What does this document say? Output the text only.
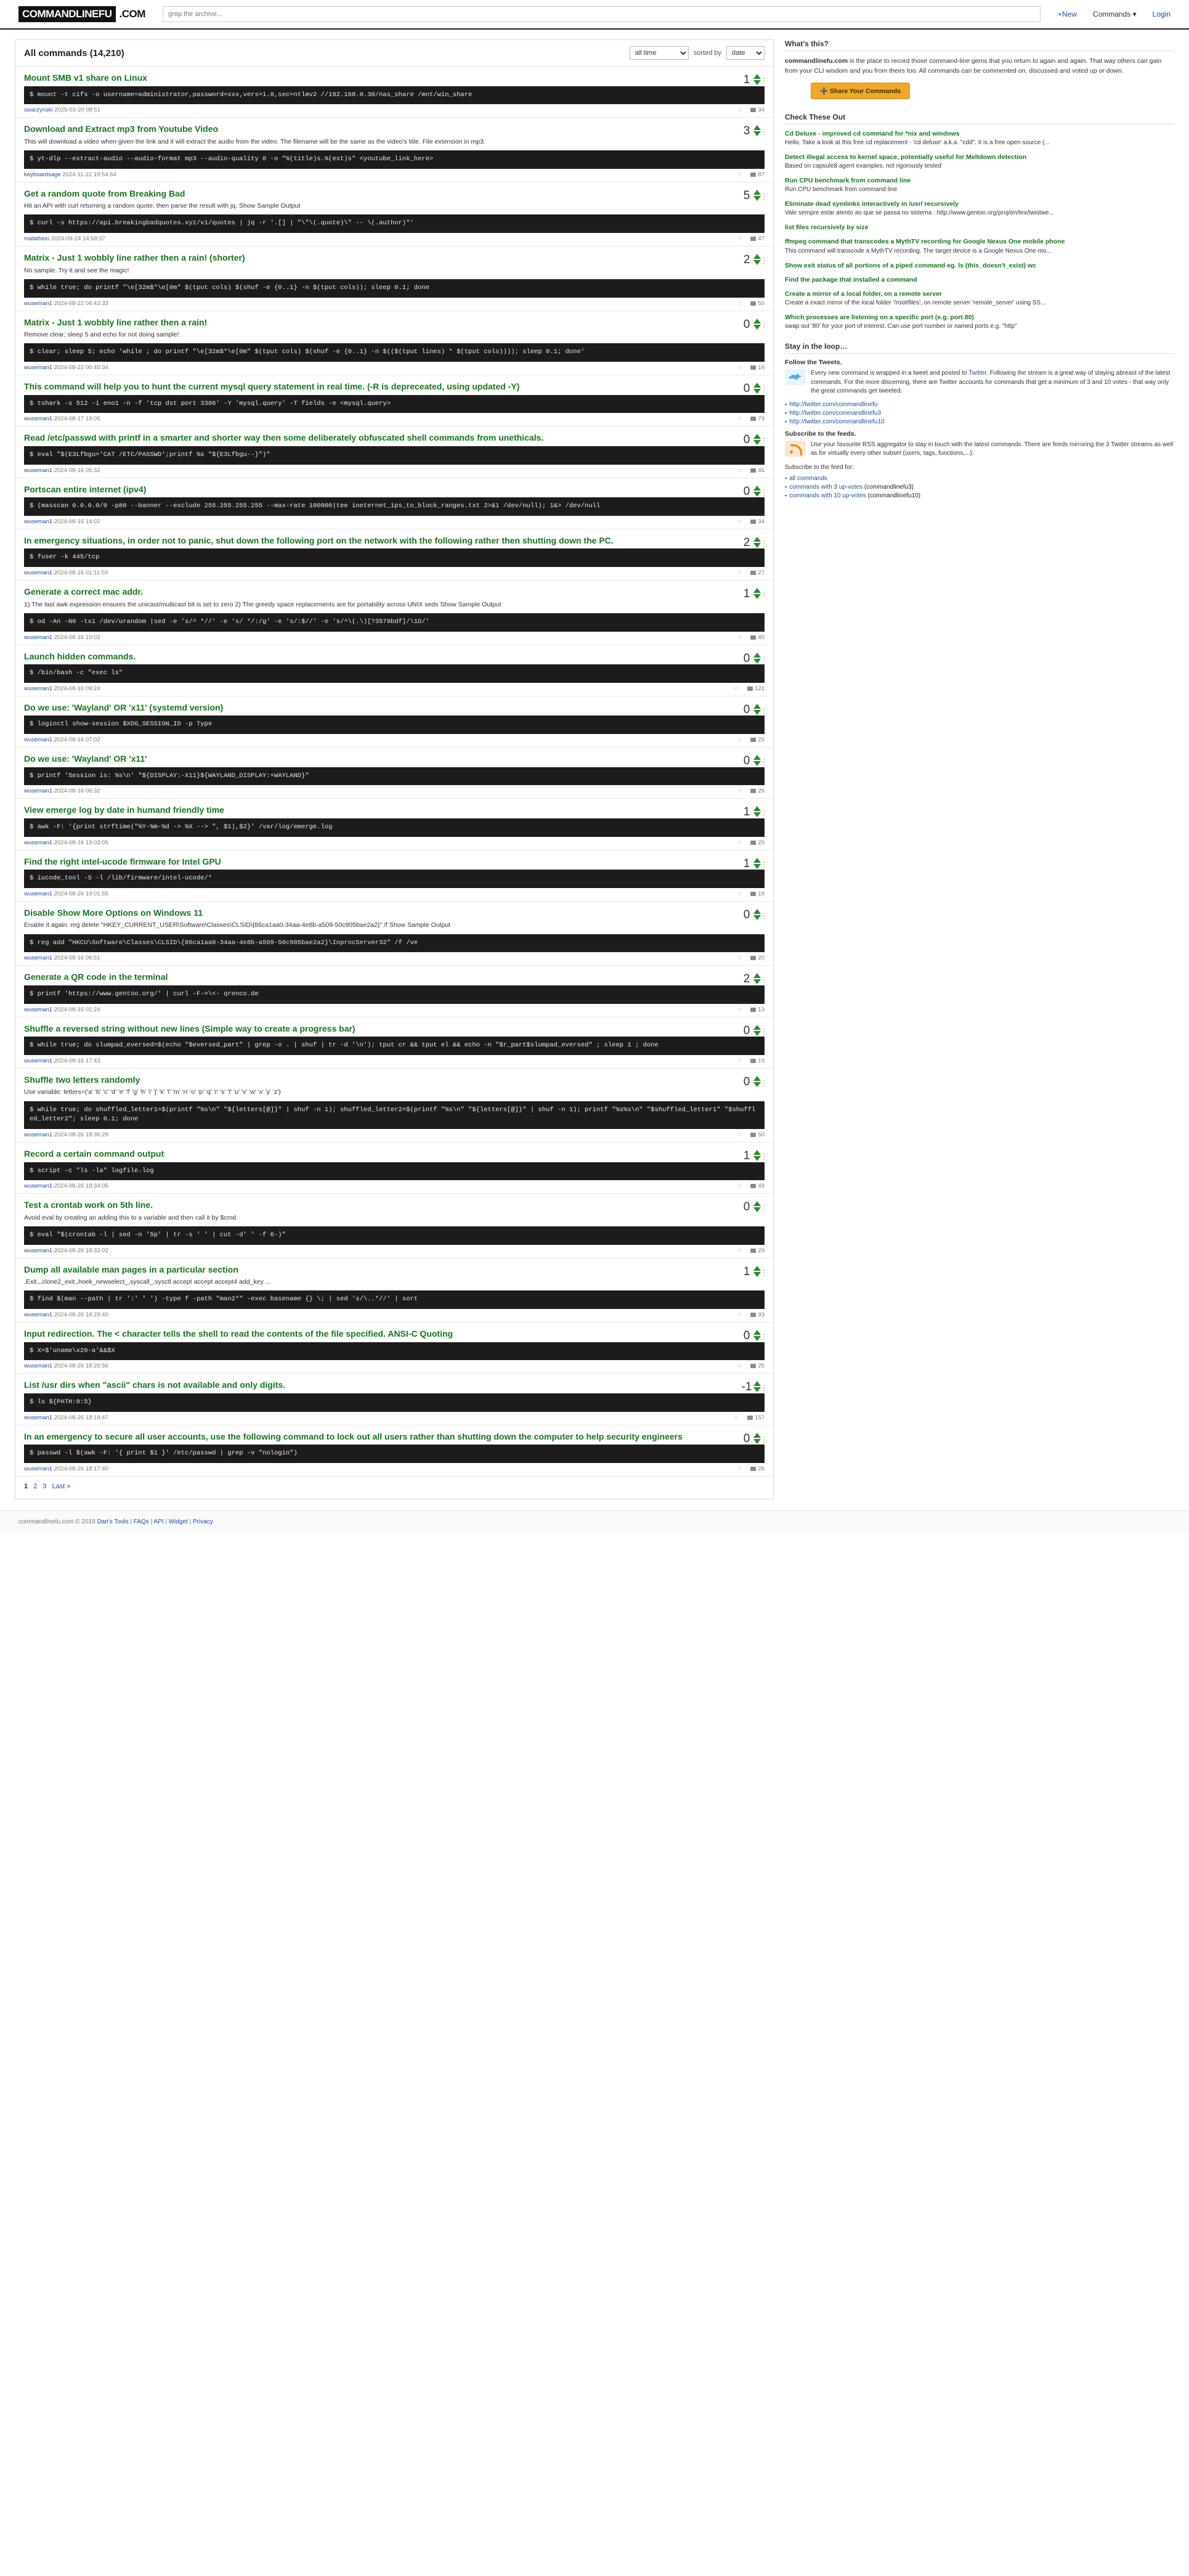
COMMANDLINEFU .COM
grep the archive...	+New Commands ▾ Login
All commands (14,210)
all time	sorted by
date
Mount SMB v1 share on Linux	1	⋮
$ mount -t cifs -o username=administrator,password=xxx,vers=1.0,sec=ntlmv2 //192.168.0.30/nas_share /mnt/win_share
swarzynski 2025-03-20 08:51	☆	34
Download and Extract mp3 from Youtube Video
This will download a video when given the link and it will extract the audio from the video. The filename will be the same as the video's title. File extension in mp3.
3	⋮
$ yt-dlp --extract-audio --audio-format mp3 --audio-quality 0 -o "%(title)s.%(ext)s" <youtube_link_here>
keyboardsage 2024-11-22 19:54:54	☆	87
Get a random quote from Breaking Bad
Hit an API with curl returning a random quote, then parse the result with jq. Show Sample Output
5	⋮
$ curl -s https://api.breakingbadquotes.xyz/v1/quotes | jq -r '.[] | "\"\(.quote)\" -- \(.author)"'
malathion 2024-09-24 14:58:37	☆	47
Matrix - Just 1 wobbly line rather then a rain! (shorter)
No sample. Try it and see the magic!
2	⋮
$ while true; do printf "\e[32m$*\e[0m" $(tput cols) $(shuf -e {0..1} -n $(tput cols)); sleep 0.1; done
wuseman1 2024-08-22 04:43:33	☆	50
Matrix - Just 1 wobbly line rather then a rain!
Remove clear; sleep 5 and echo for not doing sample!
0	⋮
$ clear; sleep 5; echo 'while ; do printf "\e[32m$*\e[0m" $(tput cols) $(shuf -e {0..1} -n $(($(tput lines) * $(tput cols)))); sleep 0.1; done'
wuseman1 2024-08-22 00:40:34	☆	16
This command will help you to hunt the current mysql query statement in real time. (-R is depreceated, using updated -Y)	0	⋮
$ tshark -s 512 -i eno1 -n -f 'tcp dst port 3306' -Y 'mysql.query' -T fields -e <mysql.query>
wuseman1 2024-08-17 19:05	☆	79
Read /etc/passwd with printf in a smarter and shorter way then some deliberately obfuscated shell commands from unethicals.	0	⋮
$ eval "$(E3Lfbgu='CAT /ETC/PASSWD';printf %s "${E3Lfbgu--}")"
wuseman1 2024-08-16 05:32	☆	46
Portscan entire internet (ipv4)	0	⋮
$ (masscan 0.0.0.0/0 -p80 --banner --exclude 255.255.255.255 --max-rate 100000|tee ineternet_ips_to_block_ranges.txt 2>&1 /dev/null); 1&> /dev/null
wuseman1 2024-08-16 14:02	☆	34
In emergency situations, in order not to panic, shut down the following port on the network with the following rather then shutting down the PC.	2	⋮
$ fuser -k 445/tcp
wuseman1 2024-08-16 01:11:03	☆	27
Generate a correct mac addr.
1) The last awk expression ensures the unicast/multicast bit is set to zero 2) The greedy space replacements are for portability across UNIX seds Show Sample Output
1	⋮
$ od -An -N6 -tx1 /dev/urandom |sed -e 's/^ *//' -e 's/ */:/g' -e 's/:$//' -e 's/^\(.\)[?3579bdf]/\1D/'
wuseman1 2024-08-16 10:02	☆	40
Launch hidden commands.	0	⋮
$ /bin/bash -c "exec ls"
wuseman1 2024-08-16 09:24	☆	121
Do we use: 'Wayland' OR 'x11' (systemd version)	0	⋮
$ loginctl show-session $XDG_SESSION_ID -p Type
wuseman1 2024-08-16 07:02	☆	25
Do we use: 'Wayland' OR 'x11'	0	⋮
$ printf 'Session is: %s\n' "${DISPLAY:-X11}${WAYLAND_DISPLAY:+WAYLAND}"
wuseman1 2024-08-16 06:32	☆	26
View emerge log by date in humand friendly time	1	⋮
$ awk -F: '{print strftime("%Y-%m-%d -> %X --> ", $1),$2}' /var/log/emerge.log
wuseman1 2024-08-16 19:03:05	☆	25
Find the right intel-ucode firmware for Intel GPU	1	⋮
$ iucode_tool -S -l /lib/firmware/intel-ucode/*
wuseman1 2024-08-26 19:01:55	☆	19
Disable Show More Options on Windows 11
Enable it again: reg delete "HKEY_CURRENT_USER\Software\Classes\CLSID\{86ca1aa0-34aa-4e8b-a509-50c905bae2a2}" /f Show Sample Output
0	⋮
$ reg add "HKCU\Software\Classes\CLSID\{86ca1aa0-34aa-4e8b-a509-50c905bae2a2}\InprocServer32" /f /ve
wuseman1 2024-08-16 06:51	☆	20
Generate a QR code in the terminal	2	⋮
$ printf 'https://www.gentoo.org/' | curl -F-=\<- qrenco.de
wuseman1 2024-08-16 01:24	☆	13
Shuffle a reversed string without new lines (Simple way to create a progress bar)	0	⋮
$ while true; do slumpad_eversed=$(echo "$eversed_part" | grep -o . | shuf | tr -d '\n'); tput cr && tput el && echo -n "$r_part$slumpad_eversed" ; sleep 1 ; done
wuseman1 2024-08-16 17:43	☆	19
Shuffle two letters randomly
Use variable: letters=('a' 'b' 'c' 'd' 'e' 'f' 'g' 'h' 'i' 'j' 'k' 'l' 'm' 'n' 'o' 'p' 'q' 'r' 's' 't' 'u' 'v' 'w' 'x' 'y' 'z')
0	⋮
$ while true; do shuffled_letter1=$(printf "%s\n" "${letters[@]}" | shuf -n 1); shuffled_letter2=$(printf "%s\n" "${letters[@]}" | shuf -n 1); printf "%s%s\n" "$shuffled_letter1" "$shuffled_letter2"; sleep 0.1; done
wuseman1 2024-08-26 18:36:29	☆	50
Record a certain command output	1	⋮
$ script -c "ls -la" logfile.log
wuseman1 2024-08-26 19:34:05	☆	49
Test a crontab work on 5th line.
Avoid eval by creating an adding this to a variable and then call it by $cmd
0	⋮
$ eval "$(crontab -l | sed -n '5p' | tr -s ' ' | cut -d' ' -f 6-)"
wuseman1 2024-08-26 18:32:02	☆	29
Dump all available man pages in a particular section
,Exit.,,clone2_exit.,hoek_newselect_,syscall_,sysctl accept accept accept4 add_key ...
1	⋮
$ find $(man --path | tr ':' ' ') -type f -path "man2*" -exec basename {} \; | sed 's/\..*//' | sort
wuseman1 2024-08-26 18:29:40	☆	93
Input redirection. The < character tells the shell to read the contents of the file specified. ANSI-C Quoting	0	⋮
$ X=$'uname\x20-a'&&$X
wuseman1 2024-08-26 18:25:56	☆	25
List /usr dirs when "ascii" chars is not available and only digits.	-1	⋮
$ ls ${PATH:0:5}
wuseman1 2024-08-26 18:19:47	☆	157
In an emergency to secure all user accounts, use the following command to lock out all users rather than shutting down the computer to help security engineers	0	⋮
$ passwd -l $(awk -F: '{ print $1 }' /etc/passwd | grep -v "nologin")
wuseman1 2024-08-26 18:17:40	☆	26
1 2 3 Last »
What's this?

commandlinefu.com is the place to record those command-line gems that you return to again and again. That way others can gain from your CLI wisdom and you from theirs too. All commands can be commented on, discussed and voted up or down.

➕ Share Your Commands
Check These Out
Cd Deluxe - improved cd command for *nix and windows
Hello, Take a look at this free cd replacement - 'cd deluxe' a.k.a. "cdd". It is a free open source (...
Detect illegal access to kernel space, potentially useful for Meltdown detection
Based on capsule8 agent examples, not rigorously tested
Run CPU benchmark from command line
Run CPU benchmark from command line
Eliminate dead symlinks interactively in /usr/ recursively
Vale sempre estar atento ao que se passa no sistema : http://www.gentoo.org/proj/en/tex/twistwe...
list files recursively by size
ffmpeg command that transcodes a MythTV recording for Google Nexus One mobile phone
This command will transcode a MythTV recording. The target device is a Google Nexus One mo...
Show exit status of all portions of a piped command eg. ls (this_doesn't_exist) wc
Find the package that installed a command
Create a mirror of a local folder, on a remote server
Create a exact mirror of the local folder '/root/files', on remote server 'remote_server' using SS...
Which processes are listening on a specific port (e.g. port 80)
swap out '80' for your port of interest. Can use port number or named ports e.g. "http"
Stay in the loop…
Follow the Tweets.
Every new command is wrapped in a tweet and posted to Twitter. Following the stream is a great way of staying abreast of the latest commands. For the more discerning, there are Twitter accounts for commands that get a minimum of 3 and 10 votes - that way only the great commands get tweeted.
▪ http://twitter.com/commandlinefu
▪ http://twitter.com/commandlinefu3
▪ http://twitter.com/commandlinefu10
Subscribe to the feeds.
Use your favourite RSS aggregator to stay in touch with the latest commands. There are feeds mirroring the 3 Twitter streams as well as for virtually every other subset (users, tags, functions,...):
Subscribe to the feed for:
▪ all commands
▪ commands with 3 up-votes (commandlinefu3)
▪ commands with 10 up-votes (commandlinefu10)
commandlinefu.com © 2019 Dan's Tools | FAQs | API | Widget | Privacy
